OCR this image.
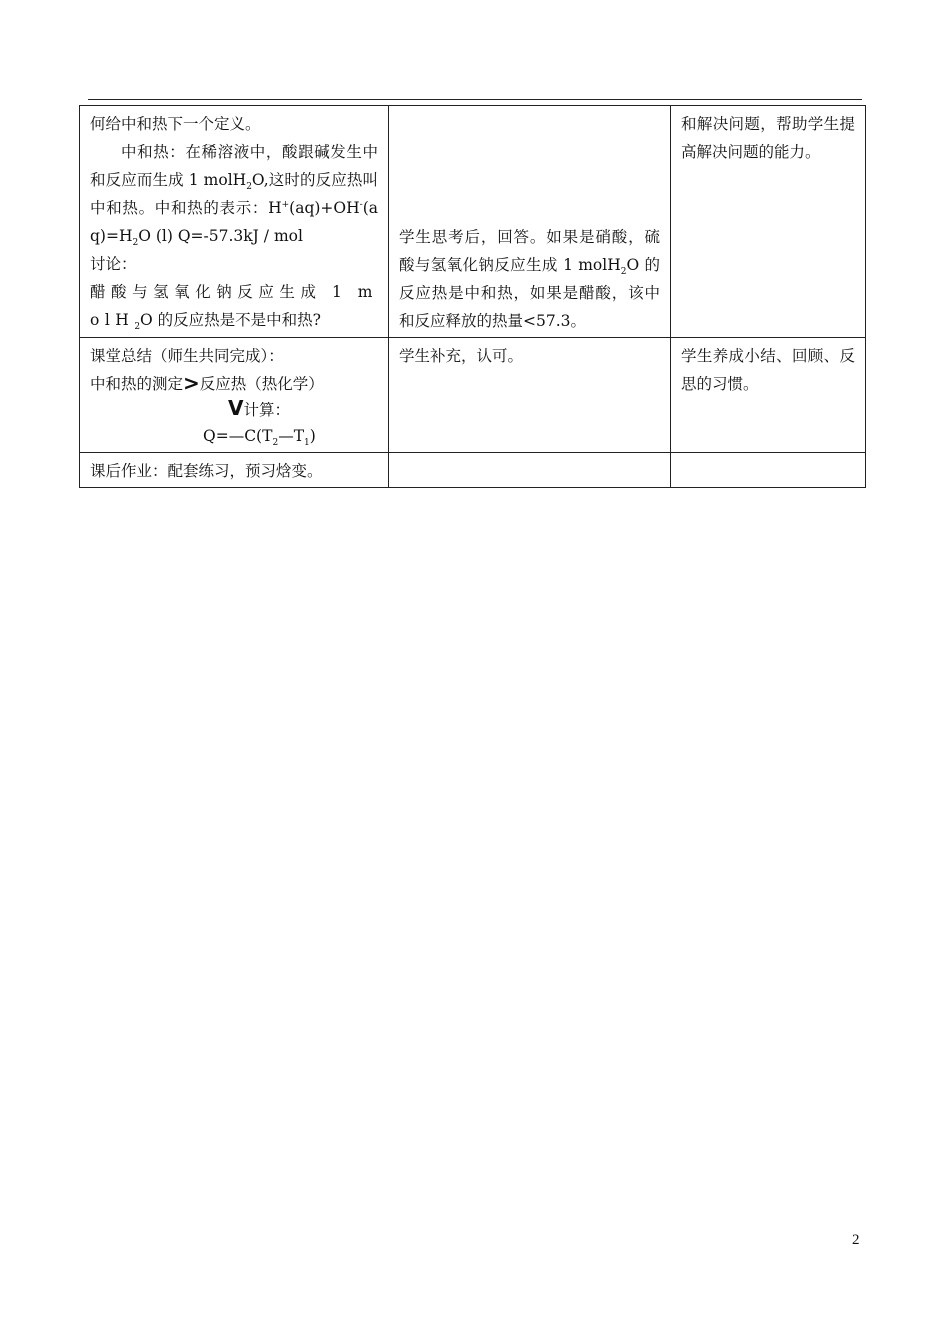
何给中和热下一个定义。
中和热：在稀溶液中，酸跟碱发生中和反应而生成 1 molH$_2$O,这时的反应热叫中和热。中和热的表示：$H^+(aq)+OH^-(aq)=H_2O$ (l) Q=-57.3kJ / mol
讨论：
醋酸与氢氧化钠反应生成 1 molH$_2$O 的反应热是不是中和热?	学生思考后，回答。如果是硝酸，硫酸与氢氧化钠反应生成 1 molH$_2$O 的反应热是中和热，如果是醋酸，该中和反应释放的热量<57.3。	和解决问题，帮助学生提高解决问题的能力。

课堂总结（师生共同完成）：
中和热的测定>反应热（热化学）
V计算：
$Q=—C(T_2—T_1)$	学生补充，认可。	学生养成小结、回顾、反思的习惯。
课后作业：配套练习，预习焓变。		
2
